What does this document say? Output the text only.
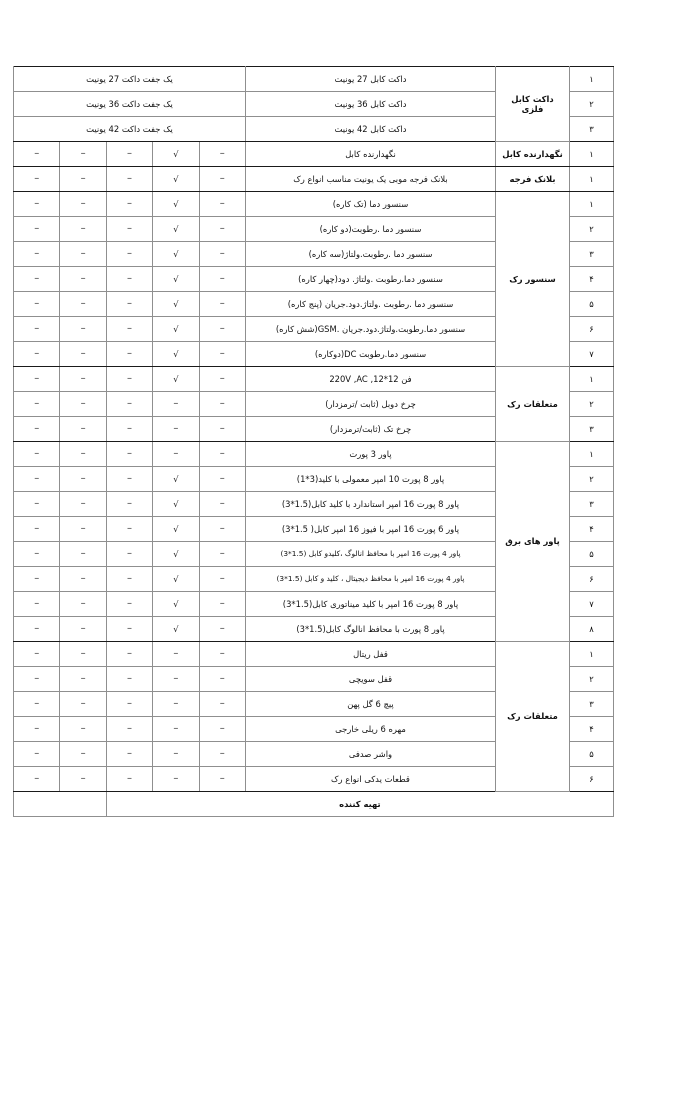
۱	داکت کابل فلزی	داکت کابل 27 یونیت	یک جفت داکت 27 یونیت				
۲		داکت کابل 36 یونیت	یک جفت داکت 36 یونیت				
۳		داکت کابل 42 یونیت	یک جفت داکت 42 یونیت				
۱	نگهدارنده کابل	نگهدارنده کابل	–	√	–	–	–
۱	بلانک فرجه	بلانک فرجه موبی یک یونیت مناسب انواع رک	–	√	–	–	–
۱	سنسور رک	سنسور دما (تک کاره)	–	√	–	–	–
۲		سنسور دما .رطوبت(دو کاره)	–	√	–	–	–
۳		سنسور دما .رطوبت.ولتاژ(سه کاره)	–	√	–	–	–
۴		سنسور دما.رطوبت .ولتاژ. دود(چهار کاره)	–	√	–	–	–
۵		سنسور دما .رطوبت .ولتاژ.دود.جریان (پنج کاره)	–	√	–	–	–
۶		سنسور دما.رطوبت.ولتاژ.دود.جریان .GSM(شش کاره)	–	√	–	–	–
۷		سنسور دما.رطوبت DC(دوکاره)	–	√	–	–	–
۱	متعلقات رک	فن 12*12, 220V ,AC	–	√	–	–	–
۲		چرخ دوبل (ثابت /ترمزدار)	–	–	–	–	–
۳		چرخ تک (ثابت/ترمزدار)	–	–	–	–	–
۱	پاور های برق	پاور 3 پورت	–	–	–	–	–
۲		پاور 8 پورت 10 امپر معمولی با کلید(3*1)	–	√	–	–	–
۳		پاور 8 پورت 16 امپر استاندارد با کلید کابل(1.5*3)	–	√	–	–	–
۴		پاور 6 پورت 16 امپر با فیوز 16 امپر کابل( 1.5*3)	–	√	–	–	–
۵		پاور 4 پورت 16 امپر با محافظ انالوگ ،کلیدو کابل (1.5*3)	–	√	–	–	–
۶		پاور 4 پورت 16 امپر با محافظ دیجیتال ، کلید و کابل (1.5*3)	–	√	–	–	–
۷		پاور 8 پورت 16 امپر با کلید میناتوری کابل(1.5*3)	–	√	–	–	–
۸		پاور 8 پورت با محافظ انالوگ کابل(1.5*3)	–	√	–	–	–
۱	متعلقات رک	قفل ریتال	–	–	–	–	–
۲		قفل سویچی	–	–	–	–	–
۳		پیچ 6 گل پهن	–	–	–	–	–
۴		مهره 6 ریلی خارجی	–	–	–	–	–
۵		واشر صدفی	–	–	–	–	–
۶		قطعات یدکی انواع رک	–	–	–	–	–
تهیه کننده							
